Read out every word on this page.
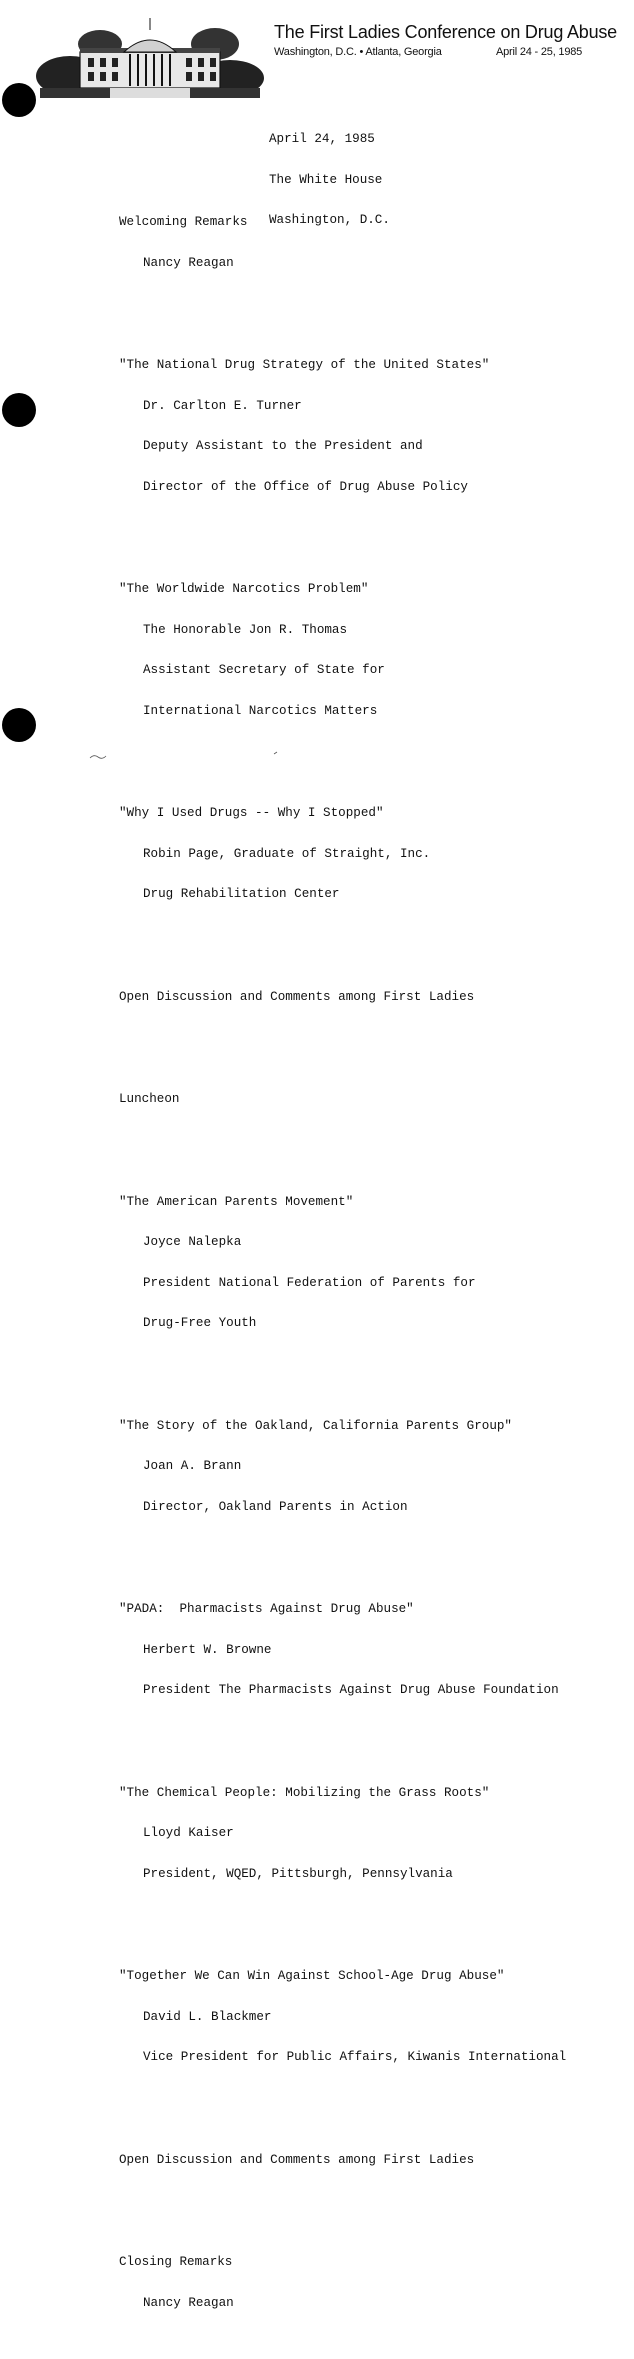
The First Ladies Conference on Drug Abuse
Washington, D.C. • Atlanta, Georgia	April 24 - 25, 1985

April 24, 1985

The White House

Washington, D.C.

Welcoming Remarks

Nancy Reagan

"The National Drug Strategy of the United States"

Dr. Carlton E. Turner

Deputy Assistant to the President and

Director of the Office of Drug Abuse Policy

"The Worldwide Narcotics Problem"

The Honorable Jon R. Thomas

Assistant Secretary of State for

International Narcotics Matters

"Why I Used Drugs -- Why I Stopped"

Robin Page, Graduate of Straight, Inc.

Drug Rehabilitation Center

Open Discussion and Comments among First Ladies

Luncheon

"The American Parents Movement"

Joyce Nalepka

President National Federation of Parents for

Drug-Free Youth

"The Story of the Oakland, California Parents Group"

Joan A. Brann

Director, Oakland Parents in Action

"PADA:  Pharmacists Against Drug Abuse"

Herbert W. Browne

President The Pharmacists Against Drug Abuse Foundation

"The Chemical People: Mobilizing the Grass Roots"

Lloyd Kaiser

President, WQED, Pittsburgh, Pennsylvania

"Together We Can Win Against School-Age Drug Abuse"

David L. Blackmer

Vice President for Public Affairs, Kiwanis International

Open Discussion and Comments among First Ladies

Closing Remarks

Nancy Reagan
